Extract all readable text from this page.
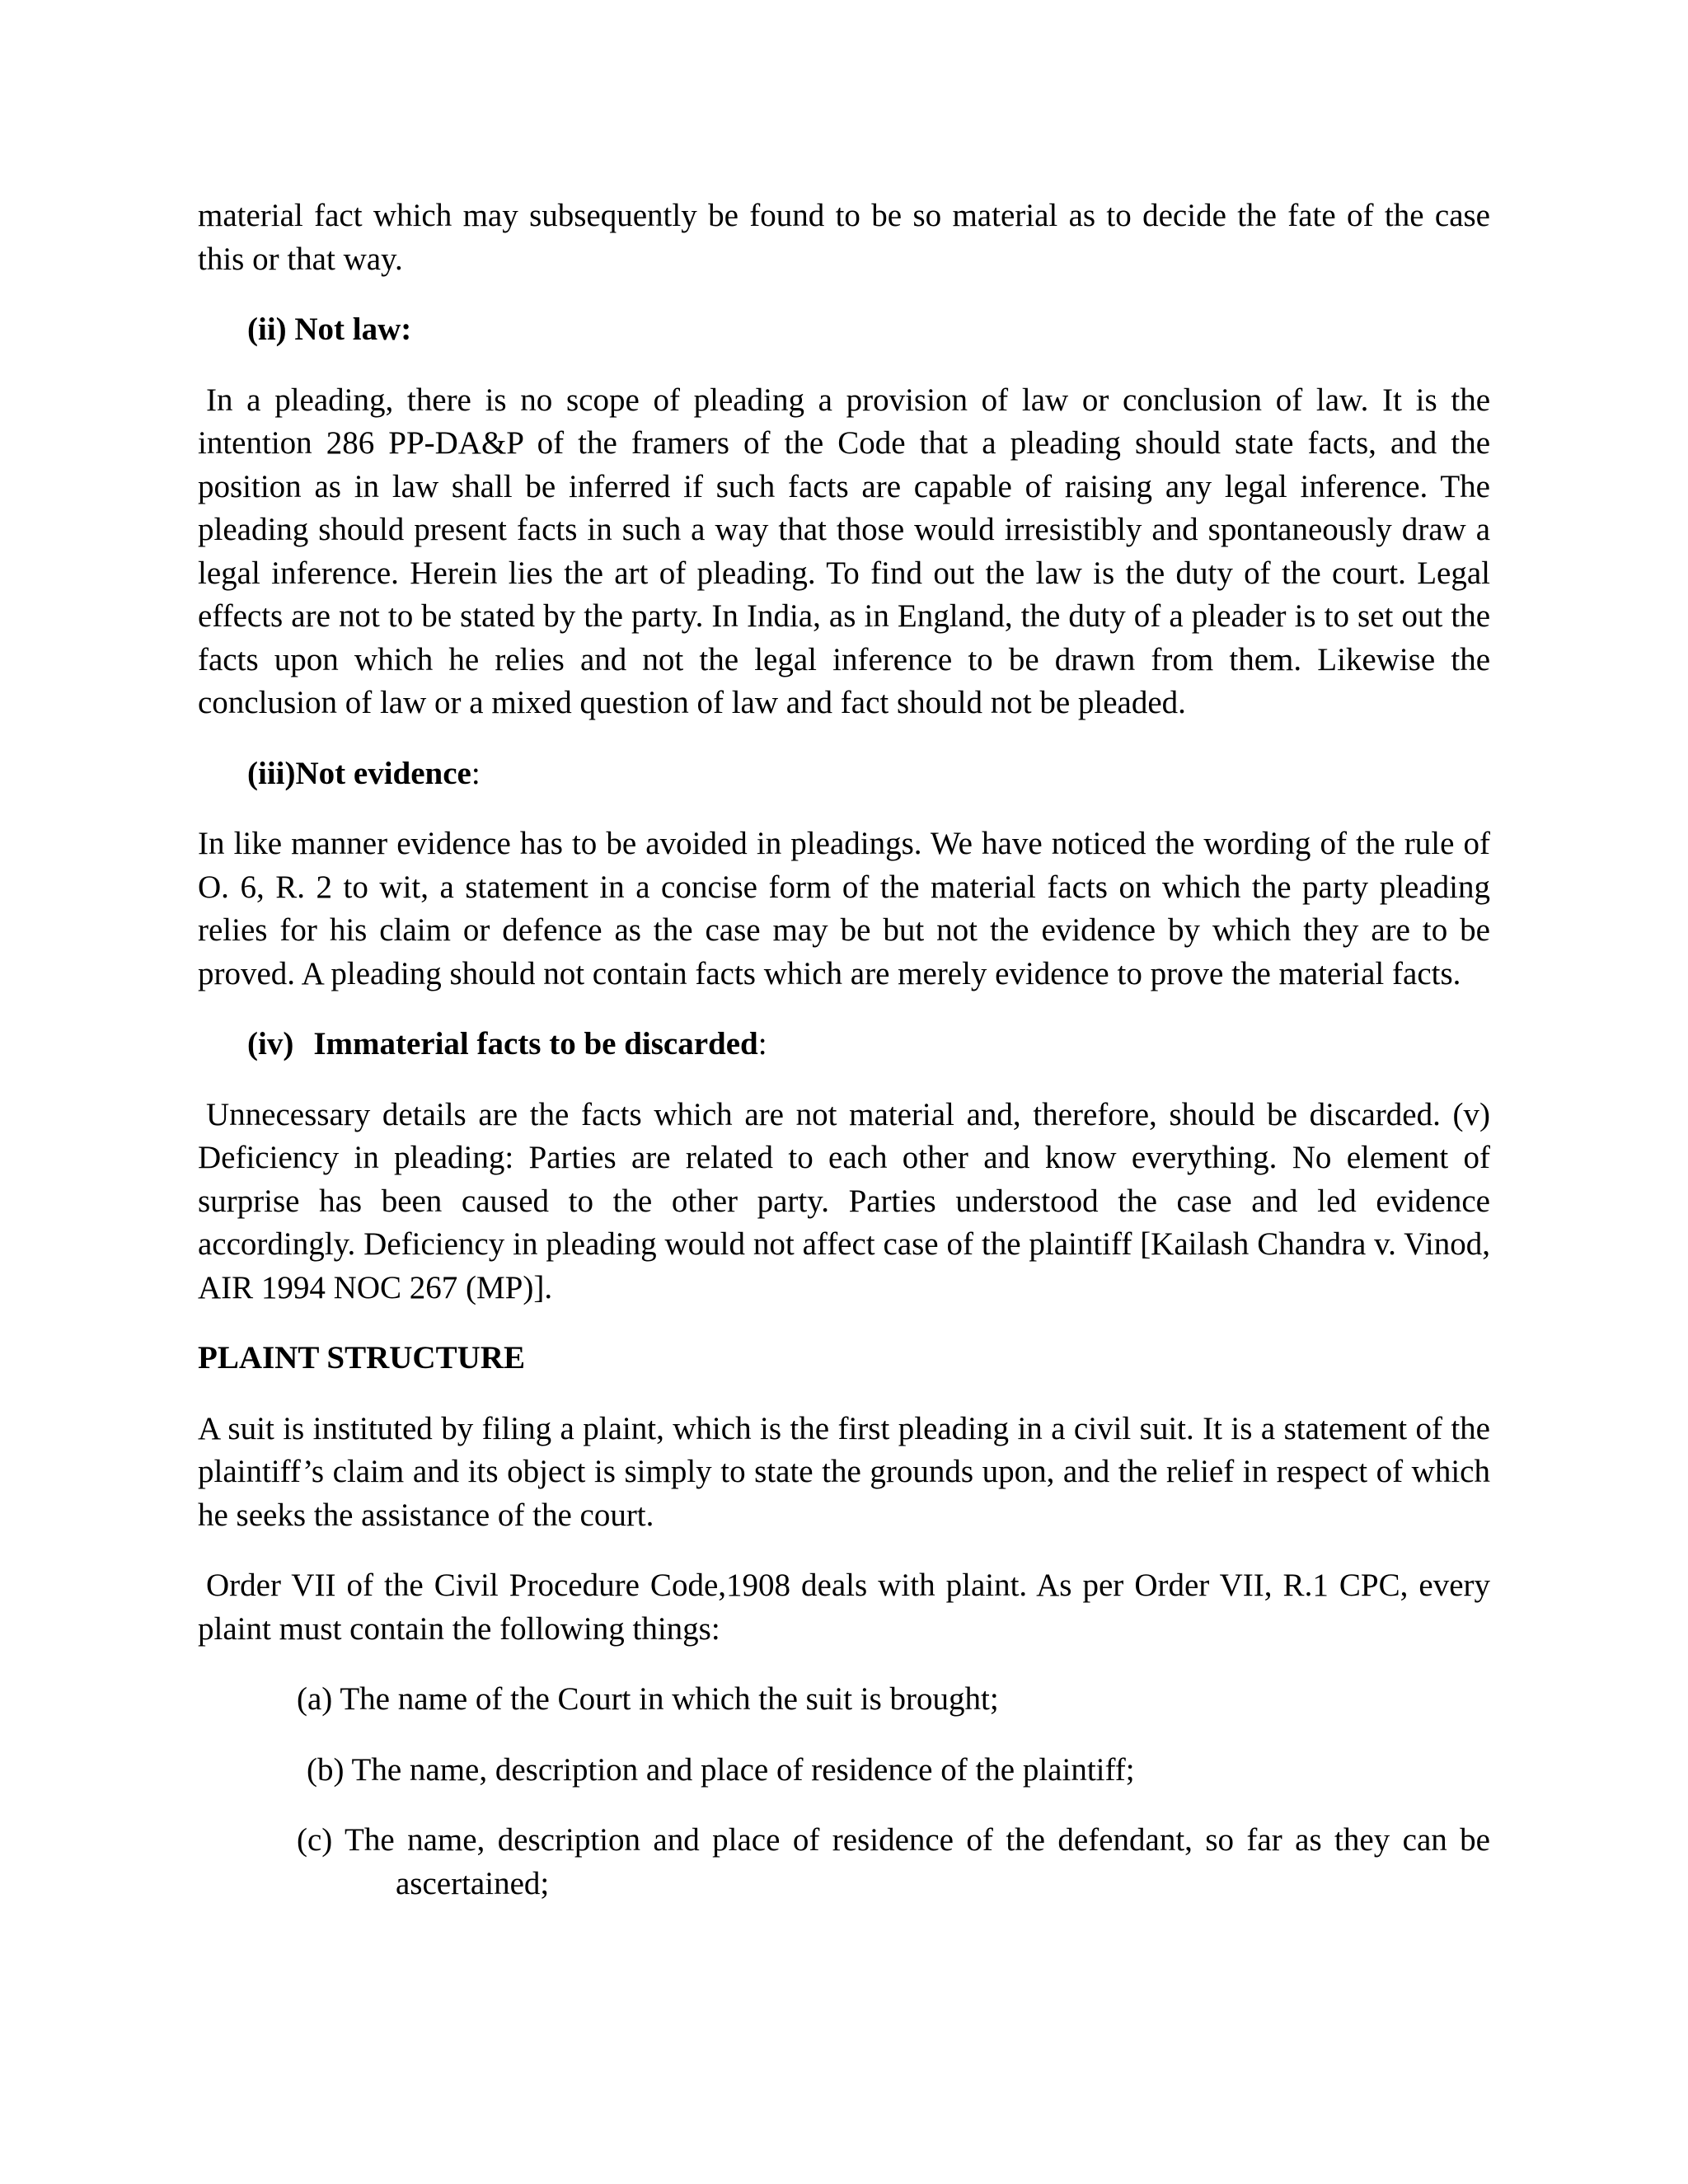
material fact which may subsequently be found to be so material as to decide the fate of the case this or that way.

(ii) Not law:

In a pleading, there is no scope of pleading a provision of law or conclusion of law. It is the intention 286 PP-DA&P of the framers of the Code that a pleading should state facts, and the position as in law shall be inferred if such facts are capable of raising any legal inference. The pleading should present facts in such a way that those would irresistibly and spontaneously draw a legal inference. Herein lies the art of pleading. To find out the law is the duty of the court. Legal effects are not to be stated by the party. In India, as in England, the duty of a pleader is to set out the facts upon which he relies and not the legal inference to be drawn from them. Likewise the conclusion of law or a mixed question of law and fact should not be pleaded.

(iii)Not evidence:

In like manner evidence has to be avoided in pleadings. We have noticed the wording of the rule of O. 6, R. 2 to wit, a statement in a concise form of the material facts on which the party pleading relies for his claim or defence as the case may be but not the evidence by which they are to be proved. A pleading should not contain facts which are merely evidence to prove the material facts.

(iv) Immaterial facts to be discarded:

Unnecessary details are the facts which are not material and, therefore, should be discarded. (v) Deficiency in pleading: Parties are related to each other and know everything. No element of surprise has been caused to the other party. Parties understood the case and led evidence accordingly. Deficiency in pleading would not affect case of the plaintiff [Kailash Chandra v. Vinod, AIR 1994 NOC 267 (MP)].

PLAINT STRUCTURE

A suit is instituted by filing a plaint, which is the first pleading in a civil suit. It is a statement of the plaintiff’s claim and its object is simply to state the grounds upon, and the relief in respect of which he seeks the assistance of the court.

Order VII of the Civil Procedure Code,1908 deals with plaint. As per Order VII, R.1 CPC, every plaint must contain the following things:

(a) The name of the Court in which the suit is brought;

(b) The name, description and place of residence of the plaintiff;

(c) The name, description and place of residence of the defendant, so far as they can be ascertained;
